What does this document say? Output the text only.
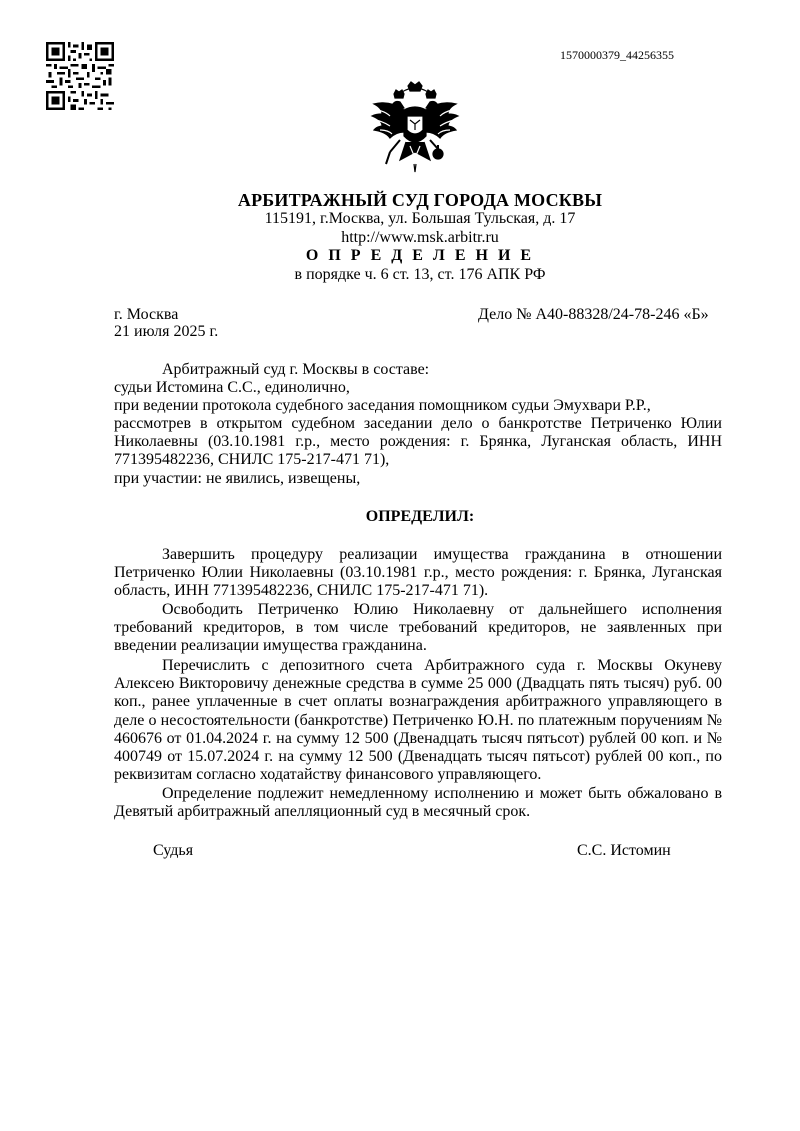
1570000379_44256355
АРБИТРАЖНЫЙ СУД ГОРОДА МОСКВЫ
115191, г.Москва, ул. Большая Тульская, д. 17
http://www.msk.arbitr.ru
О П Р Е Д Е Л Е Н И Е
в порядке ч. 6 ст. 13, ст. 176 АПК РФ
г. Москва
21 июля 2025 г.
Дело № А40-88328/24-78-246 «Б»
Арбитражный суд г. Москвы в составе:
судьи Истомина С.С., единолично,
при ведении протокола судебного заседания помощником судьи Эмухвари Р.Р.,
рассмотрев в открытом судебном заседании дело о банкротстве Петриченко Юлии Николаевны (03.10.1981 г.р., место рождения: г. Брянка, Луганская область, ИНН 771395482236, СНИЛС 175-217-471 71),
при участии: не явились, извещены,
ОПРЕДЕЛИЛ:
Завершить процедуру реализации имущества гражданина в отношении Петриченко Юлии Николаевны (03.10.1981 г.р., место рождения: г. Брянка, Луганская область, ИНН 771395482236, СНИЛС 175-217-471 71).
Освободить Петриченко Юлию Николаевну от дальнейшего исполнения требований кредиторов, в том числе требований кредиторов, не заявленных при введении реализации имущества гражданина.
Перечислить с депозитного счета Арбитражного суда г. Москвы Окуневу Алексею Викторовичу денежные средства в сумме 25 000 (Двадцать пять тысяч) руб. 00 коп., ранее уплаченные в счет оплаты вознаграждения арбитражного управляющего в деле о несостоятельности (банкротстве) Петриченко Ю.Н. по платежным поручениям № 460676 от 01.04.2024 г. на сумму 12 500 (Двенадцать тысяч пятьсот) рублей 00 коп. и № 400749 от 15.07.2024 г. на сумму 12 500 (Двенадцать тысяч пятьсот) рублей 00 коп., по реквизитам согласно ходатайству финансового управляющего.
Определение подлежит немедленному исполнению и может быть обжаловано в Девятый арбитражный апелляционный суд в месячный срок.
Судья	С.С. Истомин
